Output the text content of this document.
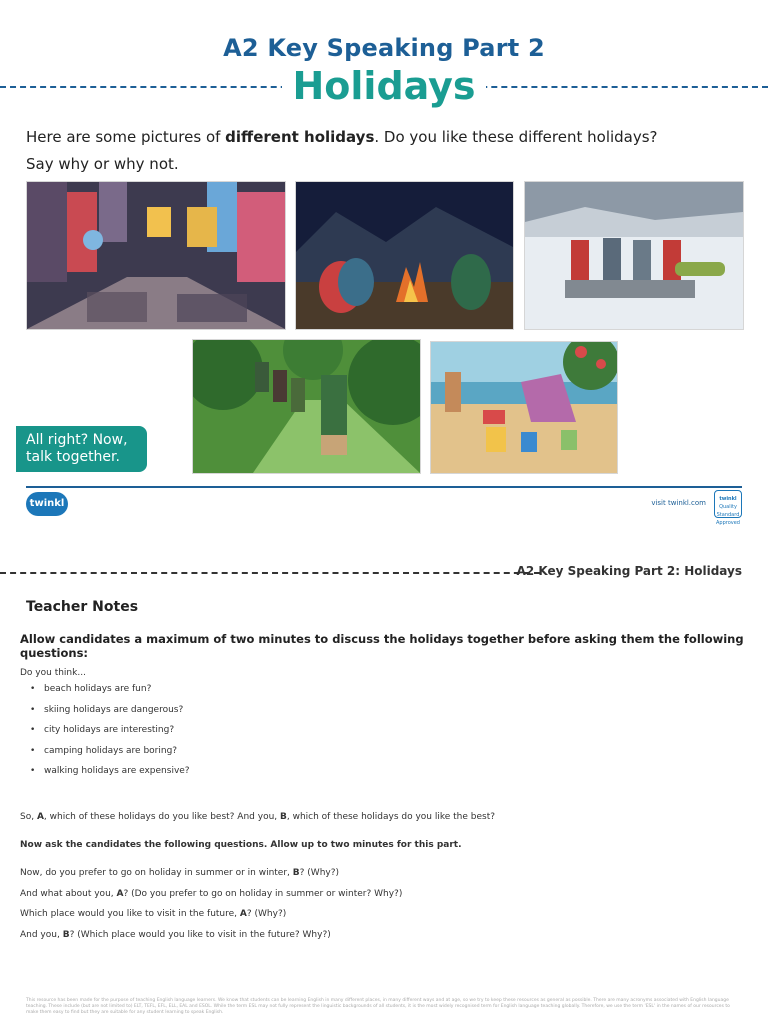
A2 Key Speaking Part 2
Holidays
Here are some pictures of different holidays. Do you like these different holidays?
Say why or why not.
All right? Now,
talk together.
twinkl	visit twinkl.com	twinkl
Quality Standard
Approved
A2 Key Speaking Part 2: Holidays
Teacher Notes
Allow candidates a maximum of two minutes to discuss the holidays together before asking them the following questions:
Do you think...
• beach holidays are fun?
• skiing holidays are dangerous?
• city holidays are interesting?
• camping holidays are boring?
• walking holidays are expensive?
So, A, which of these holidays do you like best? And you, B, which of these holidays do you like the best?
Now ask the candidates the following questions. Allow up to two minutes for this part.
Now, do you prefer to go on holiday in summer or in winter, B? (Why?)
And what about you, A? (Do you prefer to go on holiday in summer or winter? Why?)
Which place would you like to visit in the future, A? (Why?)
And you, B? (Which place would you like to visit in the future? Why?)
This resource has been made for the purpose of teaching English language learners. We know that students can be learning English in many different places, in many different ways and at age, so we try to keep these resources as general as possible. There are many acronyms associated with English language teaching. These include (but are not limited to) ELT, TEFL, EFL, ELL, EAL and ESOL. While the term ESL may not fully represent the linguistic backgrounds of all students, it is the most widely recognised term for English language teaching globally. Therefore, we use the term 'ESL' in the names of our resources to make them easy to find but they are suitable for any student learning to speak English.
